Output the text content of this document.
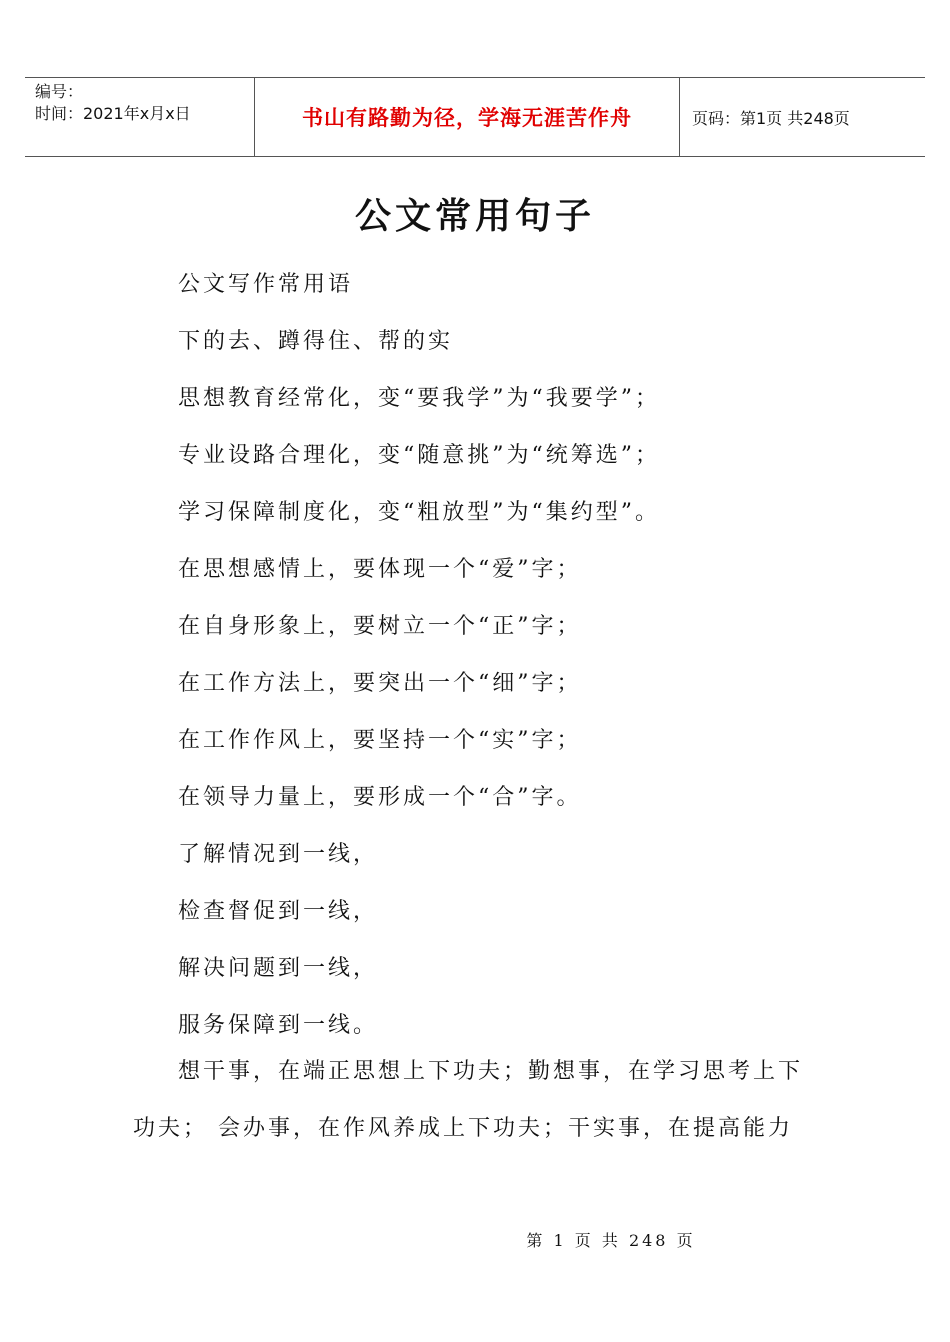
编号：
时间：2021年x月x日	书山有路勤为径，学海无涯苦作舟	页码：第1页 共248页
公文常用句子
公文写作常用语
下的去、蹲得住、帮的实
思想教育经常化，变“要我学”为“我要学”；
专业设路合理化，变“随意挑”为“统筹选”；
学习保障制度化，变“粗放型”为“集约型”。
在思想感情上，要体现一个“爱”字；
在自身形象上，要树立一个“正”字；
在工作方法上，要突出一个“细”字；
在工作作风上，要坚持一个“实”字；
在领导力量上，要形成一个“合”字。
了解情况到一线，
检查督促到一线，
解决问题到一线，
服务保障到一线。
想干事，在端正思想上下功夫；勤想事，在学习思考上下
功夫； 会办事，在作风养成上下功夫；干实事，在提高能力
第 1 页 共 248 页
